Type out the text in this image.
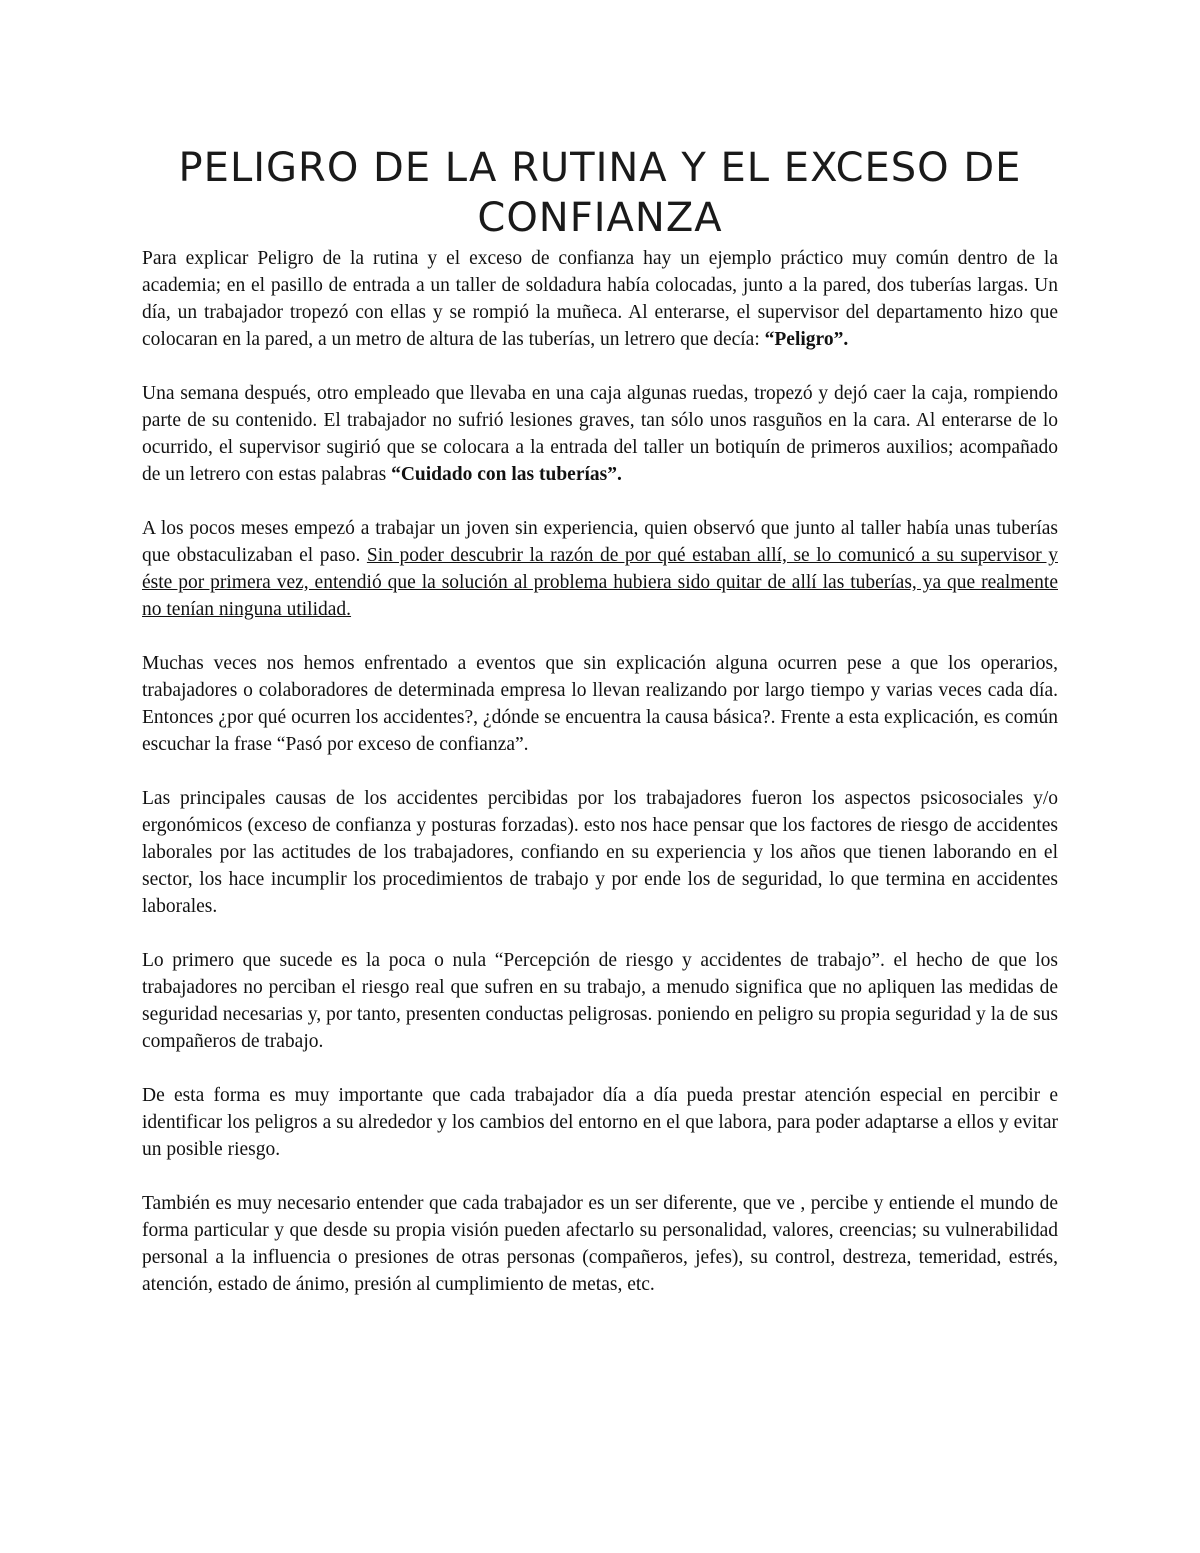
PELIGRO DE LA RUTINA Y EL EXCESO DE CONFIANZA

Para explicar Peligro de la rutina y el exceso de confianza hay un ejemplo práctico muy común dentro de la academia; en el pasillo de entrada a un taller de soldadura había colocadas, junto a la pared, dos tuberías largas. Un día, un trabajador tropezó con ellas y se rompió la muñeca. Al enterarse, el supervisor del departamento hizo que colocaran en la pared, a un metro de altura de las tuberías, un letrero que decía: “Peligro”.

Una semana después, otro empleado que llevaba en una caja algunas ruedas, tropezó y dejó caer la caja, rompiendo parte de su contenido. El trabajador no sufrió lesiones graves, tan sólo unos rasguños en la cara. Al enterarse de lo ocurrido, el supervisor sugirió que se colocara a la entrada del taller un botiquín de primeros auxilios; acompañado de un letrero con estas palabras “Cuidado con las tuberías”.

A los pocos meses empezó a trabajar un joven sin experiencia, quien observó que junto al taller había unas tuberías que obstaculizaban el paso. Sin poder descubrir la razón de por qué estaban allí, se lo comunicó a su supervisor y éste por primera vez, entendió que la solución al problema hubiera sido quitar de allí las tuberías, ya que realmente no tenían ninguna utilidad.

Muchas veces nos hemos enfrentado a eventos que sin explicación alguna ocurren pese a que los operarios, trabajadores o colaboradores de determinada empresa lo llevan realizando por largo tiempo y varias veces cada día. Entonces ¿por qué ocurren los accidentes?, ¿dónde se encuentra la causa básica?. Frente a esta explicación, es común escuchar la frase “Pasó por exceso de confianza”.

Las principales causas de los accidentes percibidas por los trabajadores fueron los aspectos psicosociales y/o ergonómicos (exceso de confianza y posturas forzadas). esto nos hace pensar que los factores de riesgo de accidentes laborales por las actitudes de los trabajadores, confiando en su experiencia y los años que tienen laborando en el sector, los hace incumplir los procedimientos de trabajo y por ende los de seguridad, lo que termina en accidentes laborales.

Lo primero que sucede es la poca o nula “Percepción de riesgo y accidentes de trabajo”. el hecho de que los trabajadores no perciban el riesgo real que sufren en su trabajo, a menudo significa que no apliquen las medidas de seguridad necesarias y, por tanto, presenten conductas peligrosas. poniendo en peligro su propia seguridad y la de sus compañeros de trabajo.

De esta forma es muy importante que cada trabajador día a día pueda prestar atención especial en percibir e identificar los peligros a su alrededor y los cambios del entorno en el que labora, para poder adaptarse a ellos y evitar un posible riesgo.

También es muy necesario entender que cada trabajador es un ser diferente, que ve , percibe y entiende el mundo de forma particular y que desde su propia visión pueden afectarlo su personalidad, valores, creencias; su vulnerabilidad personal a la influencia o presiones de otras personas (compañeros, jefes), su control, destreza, temeridad, estrés, atención, estado de ánimo, presión al cumplimiento de metas, etc.
